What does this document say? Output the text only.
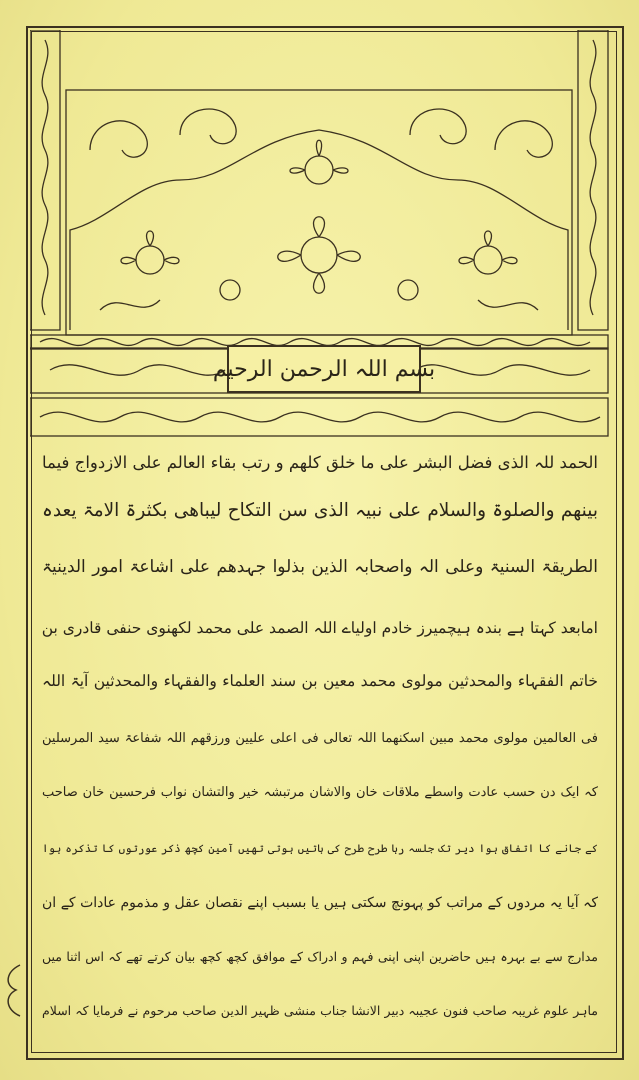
بسم اللہ الرحمن الرحیم
الحمد للہ الذی فضل البشر علی ما خلق کلھم و رتب بقاء العالم علی الازدواج فیما
بینھم والصلوۃ والسلام علی نبیہ الذی سن التکاح لیباھی بکثرۃ الامۃ یعدہ
الطریقۃ السنیۃ وعلی الہ واصحابہ الذین بذلوا جہدھم علی اشاعۃ امور الدینیۃ
امابعد کہتا ہے بندہ ہیچمیرز خادم اولیاے اللہ الصمد علی محمد لکھنوی حنفی قادری بن
خاتم الفقہاء والمحدثین مولوی محمد معین بن سند العلماء والفقہاء والمحدثین آیۃ اللہ
فی العالمین مولوی محمد مبین اسکنھما اللہ تعالی فی اعلی علیین ورزقھم اللہ شفاعۃ سید المرسلین
کہ ایک دن حسب عادت واسطے ملاقات خان والاشان مرتبشہ خیر والتشان نواب فرحسین خان صاحب
کے جانے کا اتفاق ہوا دیر تک جلسہ رہا طرح طرح کی باتیں ہوتی تھیں آمین کچھ ذکر عورتوں کا تذکرہ ہوا
کہ آیا یہ مردوں کے مراتب کو پہونچ سکتی ہیں یا بسبب اپنے نقصان عقل و مذموم عادات کے ان
مدارج سے بے بہرہ ہیں حاضرین اپنی اپنی فہم و ادراک کے موافق کچھ کچھ بیان کرتے تھے کہ اس اثنا میں
ماہر علوم غریبہ صاحب فنون عجیبہ دبیر الانشا جناب منشی ظہیر الدین صاحب مرحوم نے فرمایا کہ اسلام
